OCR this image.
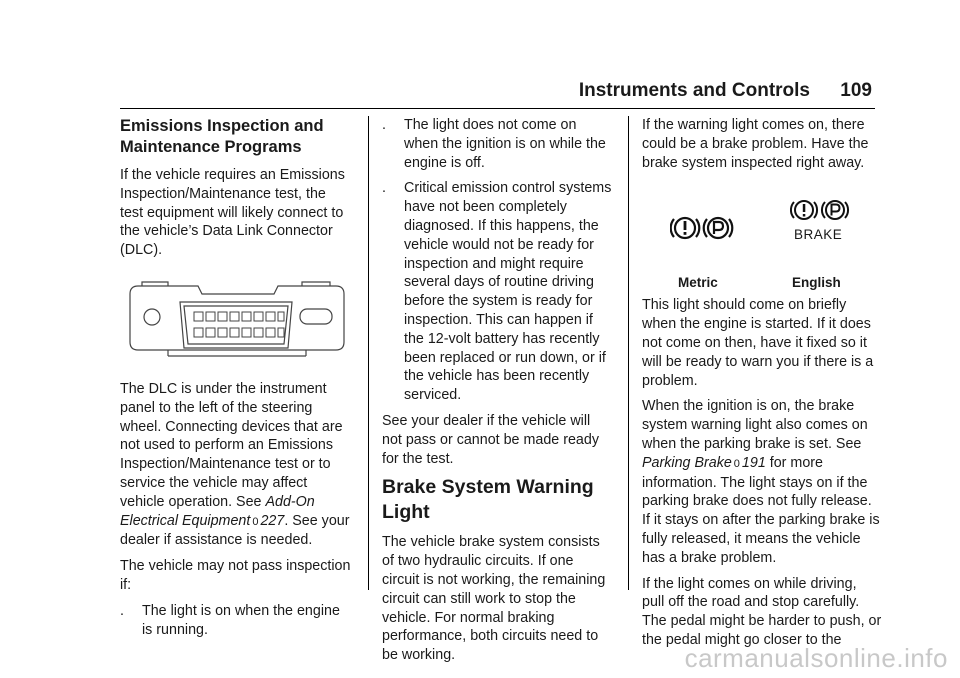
Instruments and Controls 109
Emissions Inspection and Maintenance Programs

If the vehicle requires an Emissions Inspection/Maintenance test, the test equipment will likely connect to the vehicle’s Data Link Connector (DLC).

The DLC is under the instrument panel to the left of the steering wheel. Connecting devices that are not used to perform an Emissions Inspection/Maintenance test or to service the vehicle may affect vehicle operation. See Add-On Electrical Equipment 0 227. See your dealer if assistance is needed.

The vehicle may not pass inspection if:

.	The light is on when the engine is running.
.	The light does not come on when the ignition is on while the engine is off.
.	Critical emission control systems have not been completely diagnosed. If this happens, the vehicle would not be ready for inspection and might require several days of routine driving before the system is ready for inspection. This can happen if the 12-volt battery has recently been replaced or run down, or if the vehicle has been recently serviced.

See your dealer if the vehicle will not pass or cannot be made ready for the test.

Brake System Warning Light

The vehicle brake system consists of two hydraulic circuits. If one circuit is not working, the remaining circuit can still work to stop the vehicle. For normal braking performance, both circuits need to be working.

If the warning light comes on, there could be a brake problem. Have the brake system inspected right away.

BRAKE
Metric	English

This light should come on briefly when the engine is started. If it does not come on then, have it fixed so it will be ready to warn you if there is a problem.

When the ignition is on, the brake system warning light also comes on when the parking brake is set. See Parking Brake 0 191 for more information. The light stays on if the parking brake does not fully release. If it stays on after the parking brake is fully released, it means the vehicle has a brake problem.

If the light comes on while driving, pull off the road and stop carefully. The pedal might be harder to push, or the pedal might go closer to the

carmanualsonline.info
